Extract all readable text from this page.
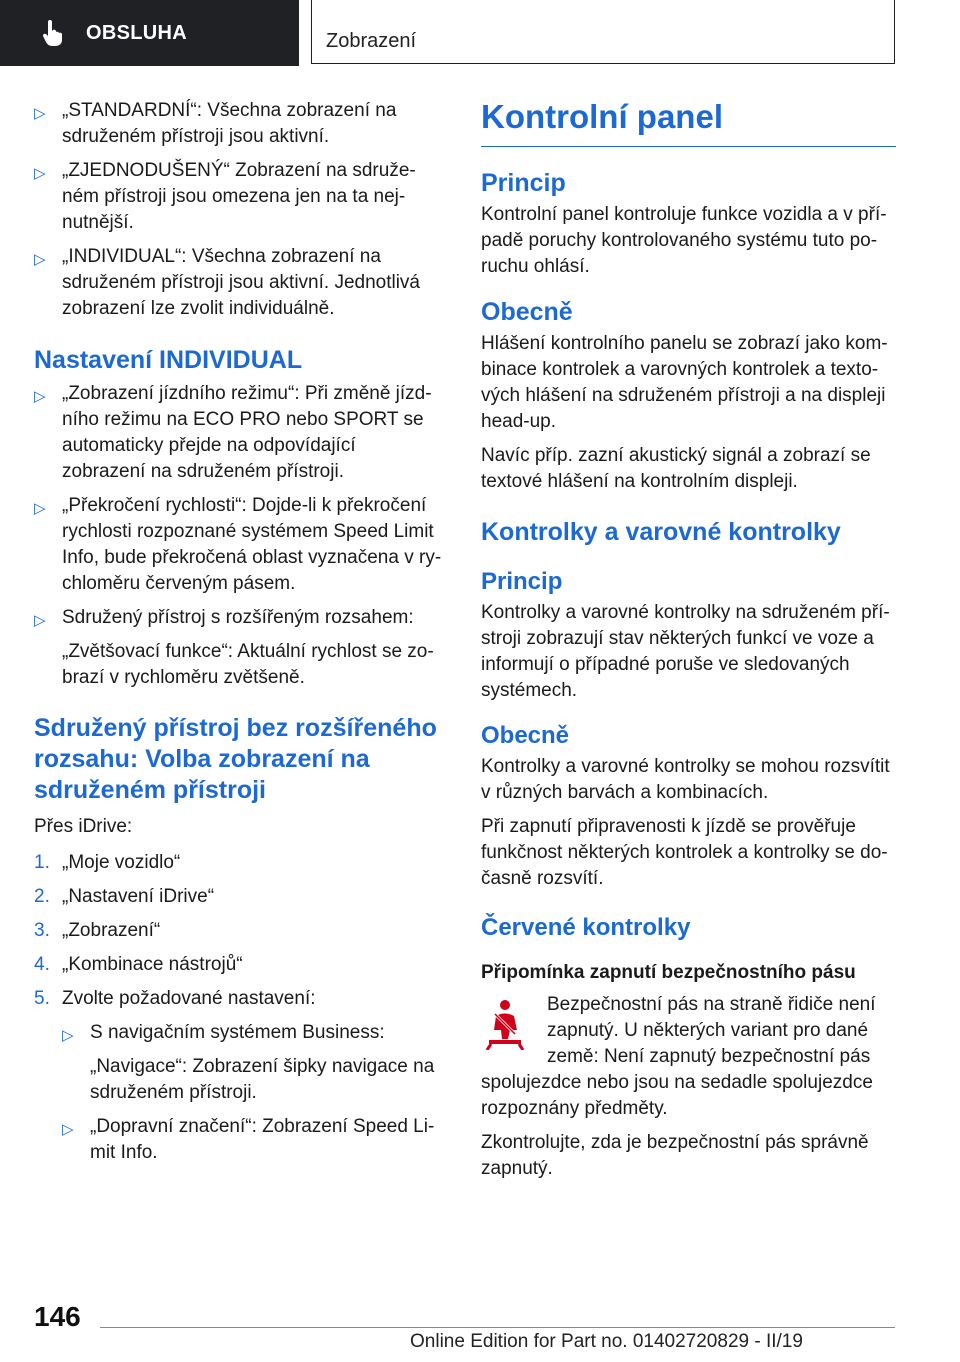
OBSLUHA	Zobrazení

▷ „STANDARDNÍ“: Všechna zobrazení na sdruženém přístroji jsou aktivní.

▷ „ZJEDNODUŠENÝ“ Zobrazení na sdruženém přístroji jsou omezena jen na ta nejnutnější.

▷ „INDIVIDUAL“: Všechna zobrazení na sdruženém přístroji jsou aktivní. Jednotlivá zobrazení lze zvolit individuálně.

Nastavení INDIVIDUAL

▷ „Zobrazení jízdního režimu“: Při změně jízdního režimu na ECO PRO nebo SPORT se automaticky přejde na odpovídající zobrazení na sdruženém přístroji.

▷ „Překročení rychlosti“: Dojde-li k překročení rychlosti rozpoznané systémem Speed Limit Info, bude překročená oblast vyznačena v rychloměru červeným pásem.

▷ Sdružený přístroj s rozšířeným rozsahem:

„Zvětšovací funkce“: Aktuální rychlost se zobrazí v rychloměru zvětšeně.

Sdružený přístroj bez rozšířeného rozsahu: Volba zobrazení na sdruženém přístroji

Přes iDrive:

1. „Moje vozidlo“

2. „Nastavení iDrive“

3. „Zobrazení“

4. „Kombinace nástrojů“

5. Zvolte požadované nastavení:

▷ S navigačním systémem Business:

„Navigace“: Zobrazení šipky navigace na sdruženém přístroji.

▷ „Dopravní značení“: Zobrazení Speed Limit Info.

Kontrolní panel
Princip

Kontrolní panel kontroluje funkce vozidla a v případě poruchy kontrolovaného systému tuto poruchu ohlásí.

Obecně

Hlášení kontrolního panelu se zobrazí jako kombinace kontrolek a varovných kontrolek a textových hlášení na sdruženém přístroji a na displeji head-up.

Navíc příp. zazní akustický signál a zobrazí se textové hlášení na kontrolním displeji.

Kontrolky a varovné kontrolky
Princip

Kontrolky a varovné kontrolky na sdruženém přístroji zobrazují stav některých funkcí ve voze a informují o případné poruše ve sledovaných systémech.

Obecně

Kontrolky a varovné kontrolky se mohou rozsvítit v různých barvách a kombinacích.

Při zapnutí připravenosti k jízdě se prověřuje funkčnost některých kontrolek a kontrolky se dočasně rozsvítí.

Červené kontrolky

Připomínka zapnutí bezpečnostního pásu

Bezpečnostní pás na straně řidiče není

zapnutý. U některých variant pro dané

země: Není zapnutý bezpečnostní pás

spolujezdce nebo jsou na sedadle spolujezdce rozpoznány předměty.

Zkontrolujte, zda je bezpečnostní pás správně zapnutý.

146
Online Edition for Part no. 01402720829 - II/19
